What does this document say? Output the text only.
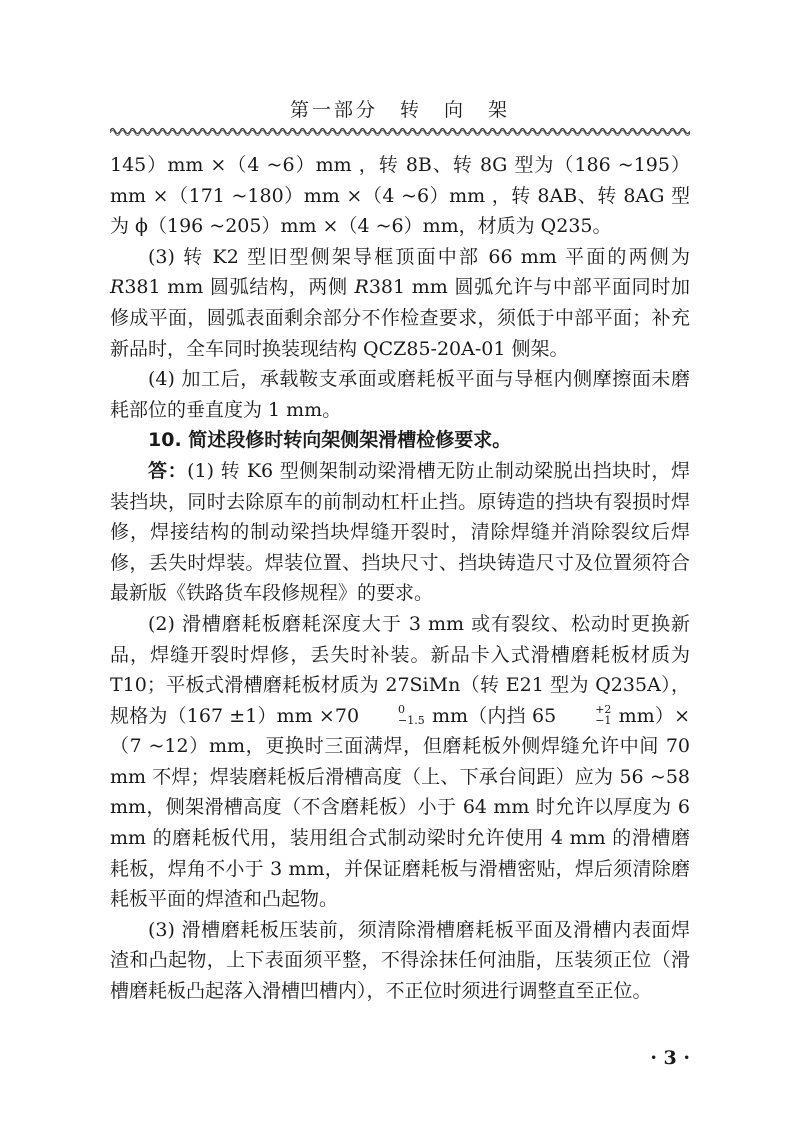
第一部分　转　向　架

145）mm ×（4 ~6）mm ，转 8B、转 8G 型为（186 ~195）mm ×（171 ~180）mm ×（4 ~6）mm ，转 8AB、转 8AG 型为 ϕ（196 ~205）mm ×（4 ~6）mm，材质为 Q235。

(3) 转 K2 型旧型侧架导框顶面中部 66 mm 平面的两侧为 R381 mm 圆弧结构，两侧 R381 mm 圆弧允许与中部平面同时加修成平面，圆弧表面剩余部分不作检查要求，须低于中部平面；补充新品时，全车同时换装现结构 QCZ85-20A-01 侧架。

(4) 加工后，承载鞍支承面或磨耗板平面与导框内侧摩擦面未磨耗部位的垂直度为 1 mm。

10. 简述段修时转向架侧架滑槽检修要求。

答：(1) 转 K6 型侧架制动梁滑槽无防止制动梁脱出挡块时，焊装挡块，同时去除原车的前制动杠杆止挡。原铸造的挡块有裂损时焊修，焊接结构的制动梁挡块焊缝开裂时，清除焊缝并消除裂纹后焊修，丢失时焊装。焊装位置、挡块尺寸、挡块铸造尺寸及位置须符合最新版《铁路货车段修规程》的要求。

(2) 滑槽磨耗板磨耗深度大于 3 mm 或有裂纹、松动时更换新品，焊缝开裂时焊修，丢失时补装。新品卡入式滑槽磨耗板材质为 T10；平板式滑槽磨耗板材质为 27SiMn（转 E21 型为 Q235A），规格为（167 ±1）mm ×70	0
−1.5 mm（内挡 65	+2
−1 mm）×（7 ~12）mm，更换时三面满焊，但磨耗板外侧焊缝允许中间 70 mm 不焊；焊装磨耗板后滑槽高度（上、下承台间距）应为 56 ~58 mm，侧架滑槽高度（不含磨耗板）小于 64 mm 时允许以厚度为 6 mm 的磨耗板代用，装用组合式制动梁时允许使用 4 mm 的滑槽磨耗板，焊角不小于 3 mm，并保证磨耗板与滑槽密贴，焊后须清除磨耗板平面的焊渣和凸起物。

(3) 滑槽磨耗板压装前，须清除滑槽磨耗板平面及滑槽内表面焊渣和凸起物，上下表面须平整，不得涂抹任何油脂，压装须正位（滑槽磨耗板凸起落入滑槽凹槽内），不正位时须进行调整直至正位。

· 3 ·
